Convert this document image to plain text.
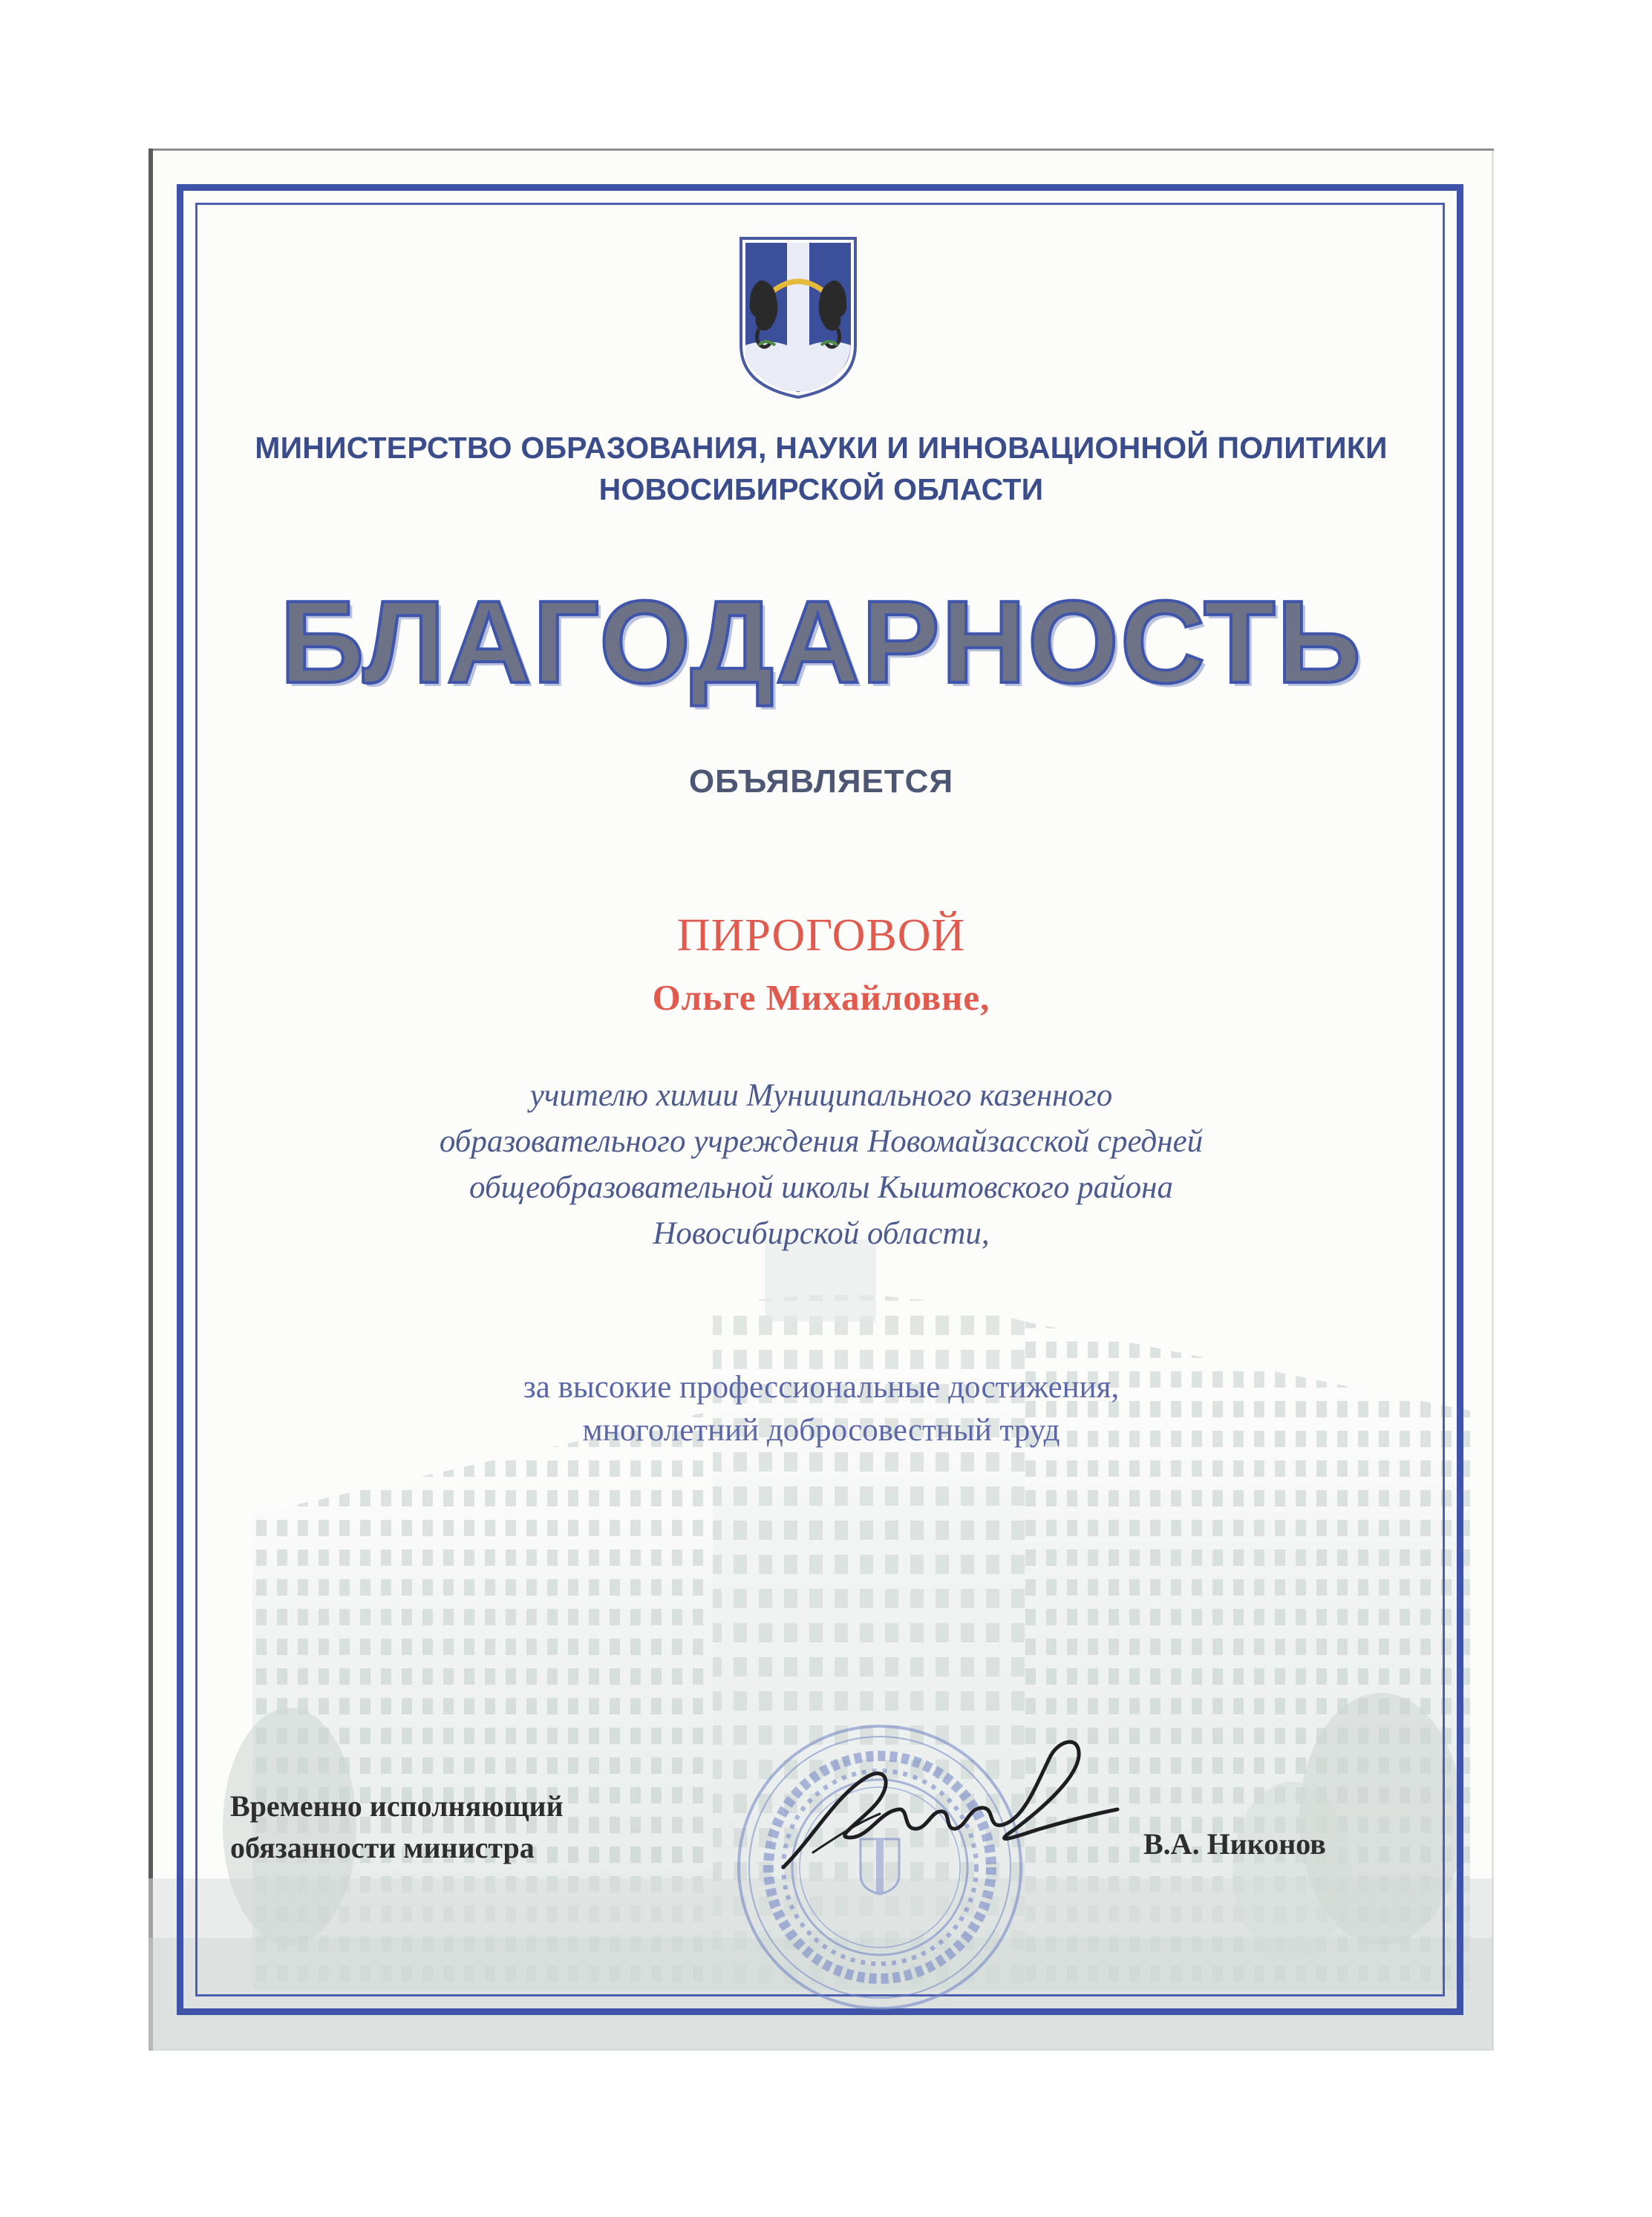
МИНИСТЕРСТВО ОБРАЗОВАНИЯ, НАУКИ И ИННОВАЦИОННОЙ ПОЛИТИКИ
НОВОСИБИРСКОЙ ОБЛАСТИ
БЛАГОДАРНОСТЬ
ОБЪЯВЛЯЕТСЯ
ПИРОГОВОЙ
Ольге Михайловне,
учителю химии Муниципального казенного
образовательного учреждения Новомайзасской средней
общеобразовательной школы Кыштовского района
Новосибирской области,
за высокие профессиональные достижения,
многолетний добросовестный труд
Временно исполняющий
обязанности министра	В.А. Никонов
